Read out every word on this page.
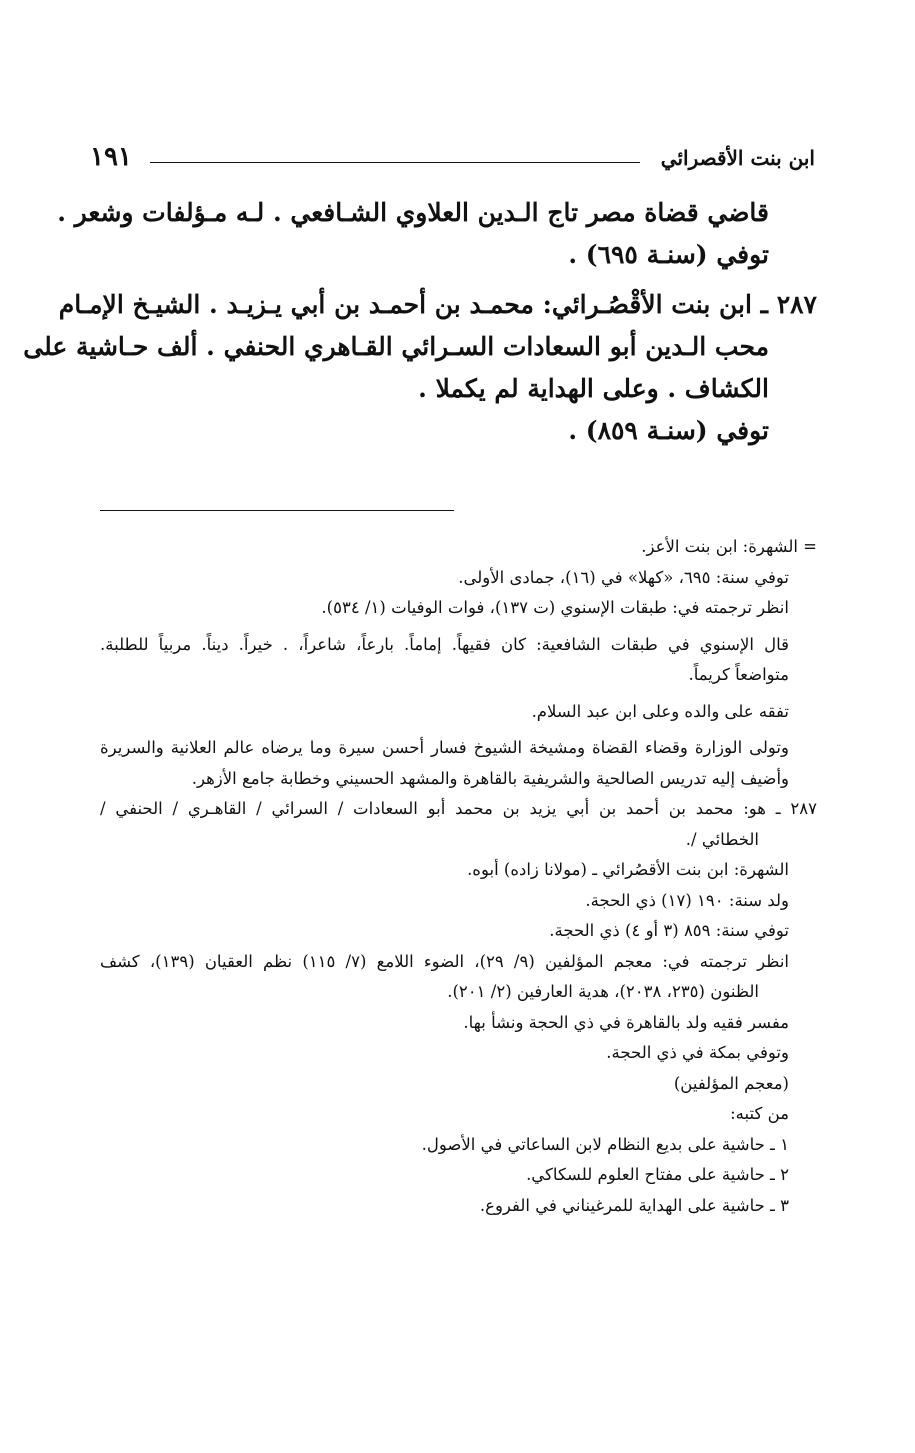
ابن بنت الأقصرائي
١٩١
قاضي قضاة مصر تاج الـدين العلاوي الشـافعي . لـه مـؤلفات وشعر .
توفي (سنـة ٦٩٥) .
٢٨٧ ـ ابن بنت الأقْصُـرائي: محمـد بن أحمـد بن أبي يـزيـد . الشيـخ الإمـام
محب الـدين أبو السعادات السـرائي القـاهري الحنفي . ألف حـاشية على
الكشاف . وعلى الهداية لم يكملا .
توفي (سنـة ٨٥٩) .
= الشهرة: ابن بنت الأعز.
توفي سنة: ٦٩٥، «كهلا» في (١٦)، جمادى الأولى.
انظر ترجمته في: طبقات الإسنوي (ت ١٣٧)، فوات الوفيات (١/ ٥٣٤).
قال الإسنوي في طبقات الشافعية: كان فقيهاً. إماماً. بارعاً، شاعراً، . خيراً. ديناً. مربياً للطلبة.
متواضعاً كريماً.
تفقه على والده وعلى ابن عبد السلام.
وتولى الوزارة وقضاء القضاة ومشيخة الشيوخ فسار أحسن سيرة وما يرضاه عالم العلانية والسريرة
وأضيف إليه تدريس الصالحية والشريفية بالقاهرة والمشهد الحسيني وخطابة جامع الأزهر.
٢٨٧ ـ هو: محمد بن أحمد بن أبي يزيد بن محمد أبو السعادات / السرائي / القاهـري / الحنفي /
الخطائي /.
الشهرة: ابن بنت الأقصُرائي ـ (مولانا زاده) أبوه.
ولد سنة: ١٩٠ (١٧) ذي الحجة.
توفي سنة: ٨٥٩ (٣ أو ٤) ذي الحجة.
انظر ترجمته في: معجم المؤلفين (٩/ ٢٩)، الضوء اللامع (٧/ ١١٥) نظم العقيان (١٣٩)، كشف
الظنون (٢٣٥، ٢٠٣٨)، هدية العارفين (٢/ ٢٠١).
مفسر فقيه ولد بالقاهرة في ذي الحجة ونشأ بها.
وتوفي بمكة في ذي الحجة.
(معجم المؤلفين)
من كتبه:
١ ـ حاشية على بديع النظام لابن الساعاتي في الأصول.
٢ ـ حاشية على مفتاح العلوم للسكاكي.
٣ ـ حاشية على الهداية للمرغيناني في الفروع.
